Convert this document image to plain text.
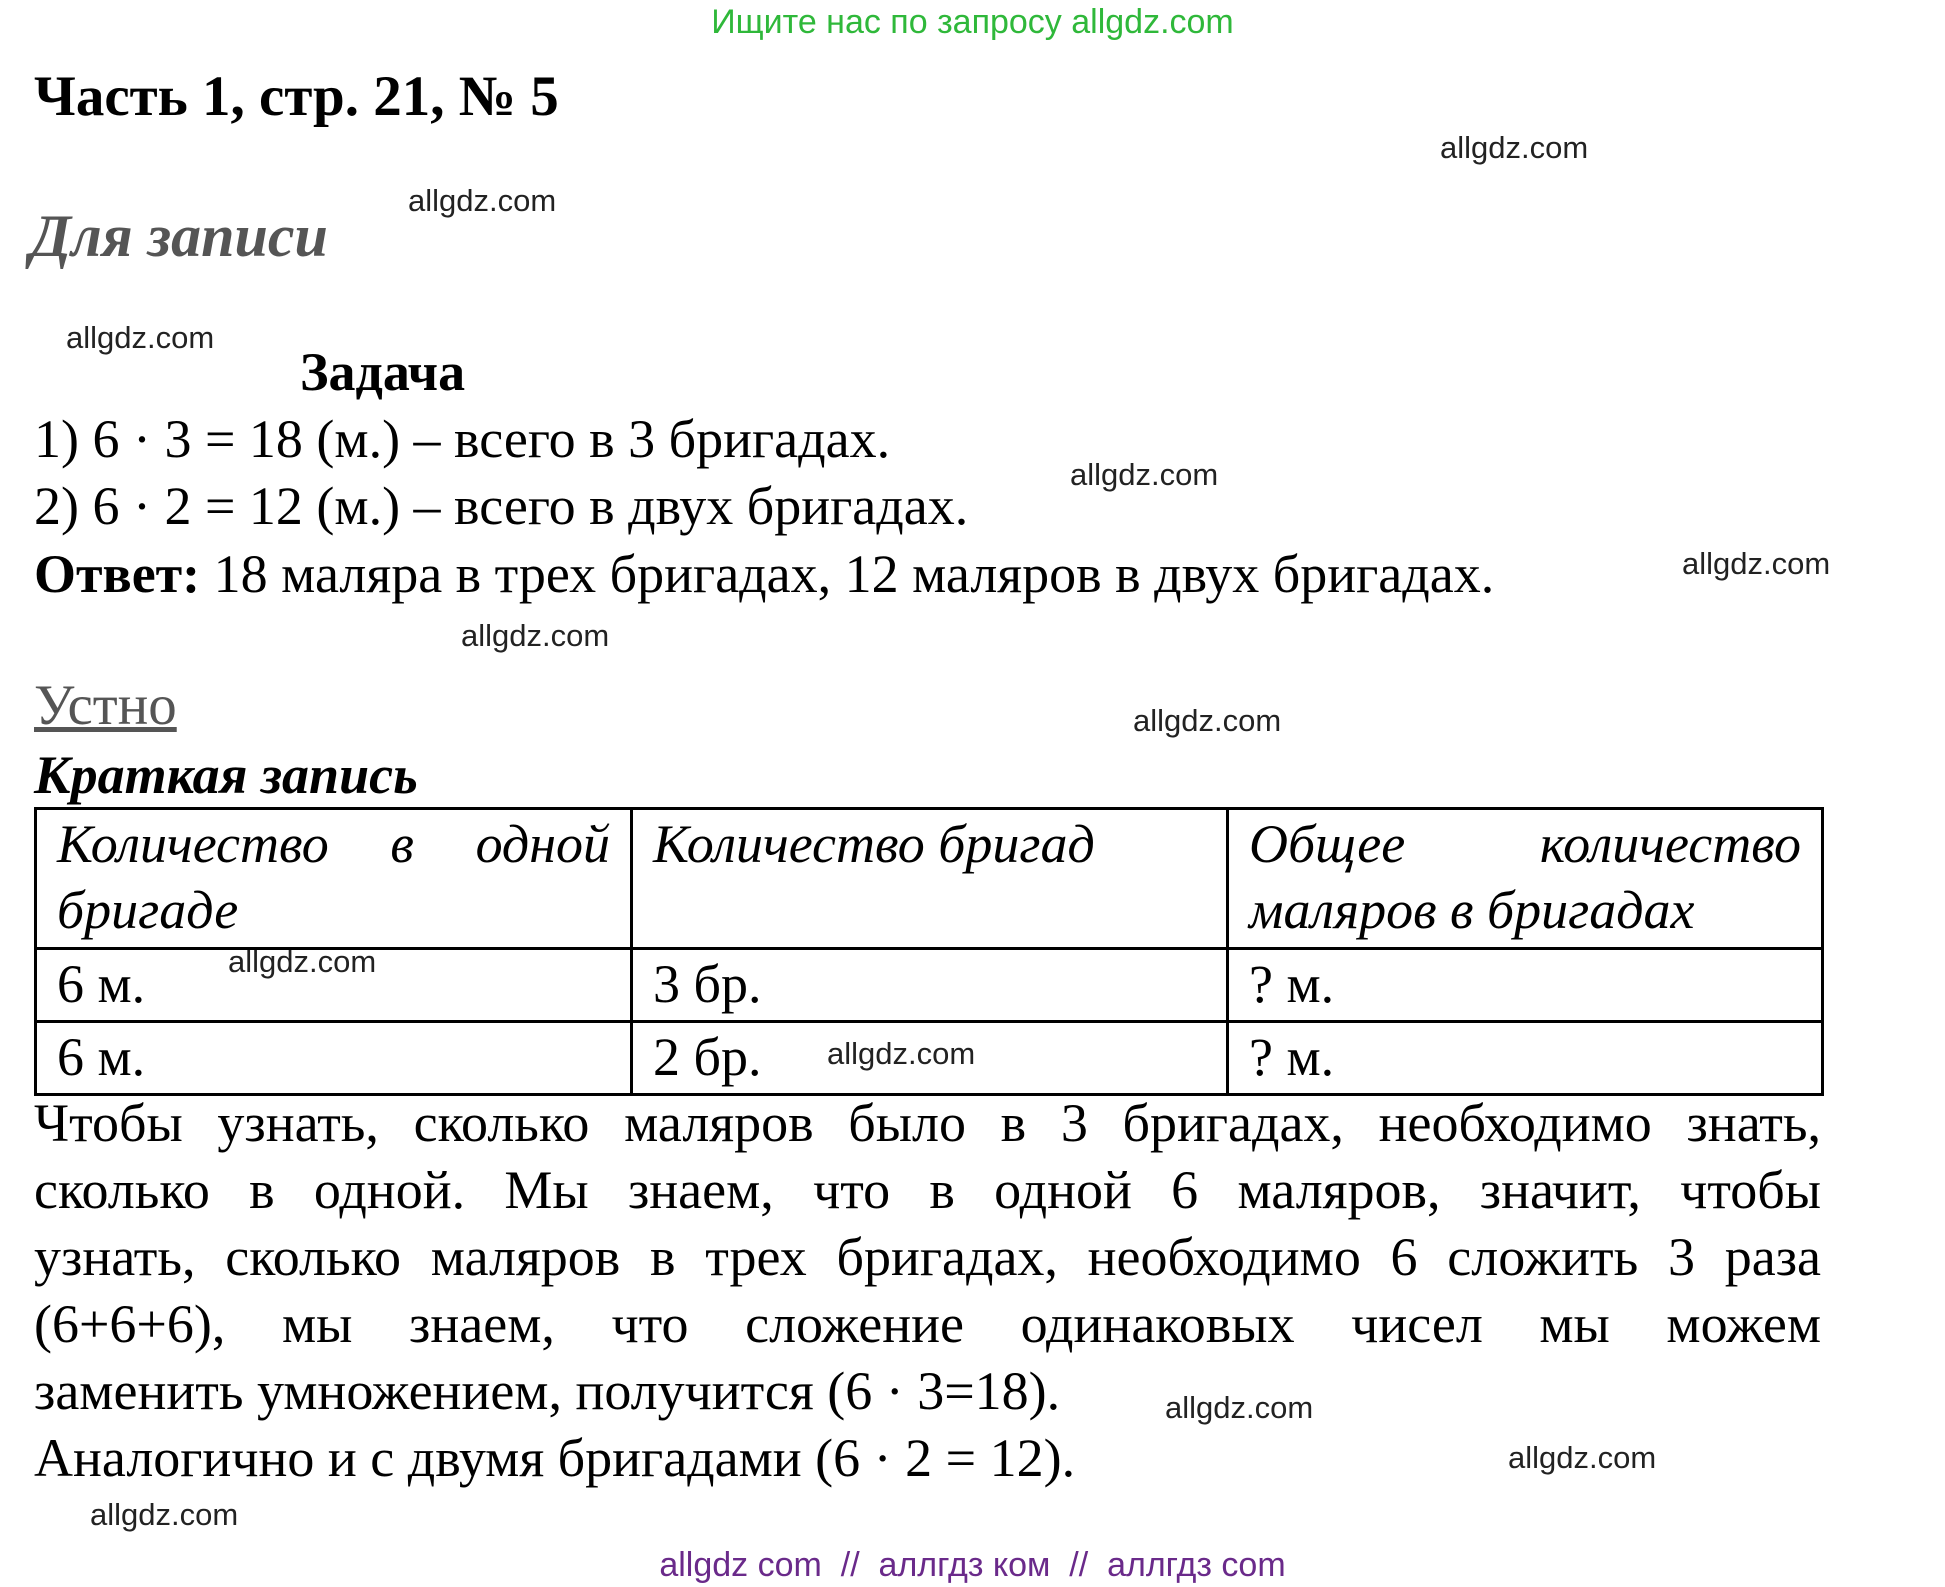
Ищите нас по запросу allgdz.com
Часть 1, стр. 21, № 5
Для записи
Задача
1) 6 · 3 = 18 (м.) – всего в 3 бригадах.
2) 6 · 2 = 12 (м.) – всего в двух бригадах.
Ответ: 18 маляра в трех бригадах, 12 маляров в двух бригадах.
Устно
Краткая запись
Количество в одной бригаде	Количество бригад	Общее количество маляров в бригадах
6 м.	3 бр.	? м.
6 м.	2 бр.	? м.
Чтобы узнать, сколько маляров было в 3 бригадах, необходимо знать,
сколько в одной. Мы знаем, что в одной 6 маляров, значит, чтобы
узнать, сколько маляров в трех бригадах, необходимо 6 сложить 3 раза
(6+6+6), мы знаем, что сложение одинаковых чисел мы можем
заменить умножением, получится (6 · 3=18).
Аналогично и с двумя бригадами (6 · 2 = 12).
allgdz.com
allgdz.com
allgdz.com
allgdz.com
allgdz.com
allgdz.com
allgdz.com
allgdz.com
allgdz.com
allgdz.com
allgdz.com
allgdz.com
allgdz com  //  аллгдз ком  //  аллгдз com
